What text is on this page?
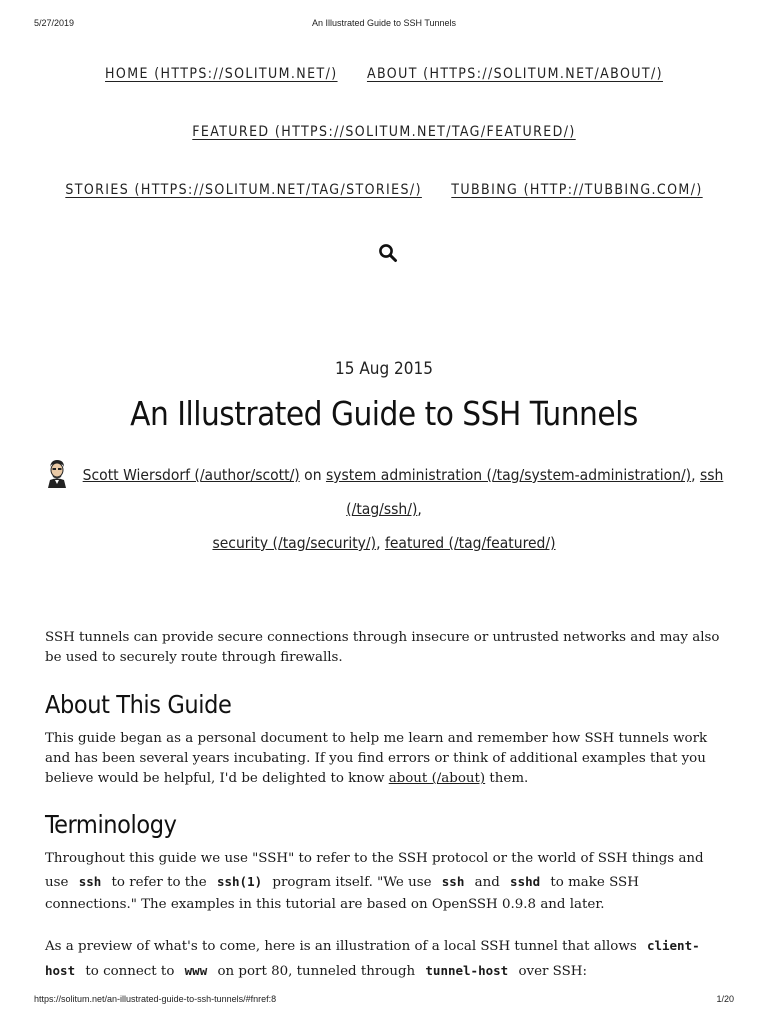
5/27/2019	An Illustrated Guide to SSH Tunnels
HOME (HTTPS://SOLITUM.NET/) ABOUT (HTTPS://SOLITUM.NET/ABOUT/)
FEATURED (HTTPS://SOLITUM.NET/TAG/FEATURED/)
STORIES (HTTPS://SOLITUM.NET/TAG/STORIES/) TUBBING (HTTP://TUBBING.COM/)
15 Aug 2015
An Illustrated Guide to SSH Tunnels
Scott Wiersdorf (/author/scott/) on system administration (/tag/system-administration/), ssh (/tag/ssh/),
security (/tag/security/), featured (/tag/featured/)

SSH tunnels can provide secure connections through insecure or untrusted networks and may also be used to securely route through firewalls.

About This Guide

This guide began as a personal document to help me learn and remember how SSH tunnels work and has been several years incubating. If you find errors or think of additional examples that you believe would be helpful, I'd be delighted to know about (/about) them.

Terminology

Throughout this guide we use "SSH" to refer to the SSH protocol or the world of SSH things and use ssh to refer to the ssh(1) program itself. "We use ssh and sshd to make SSH connections." The examples in this tutorial are based on OpenSSH 0.9.8 and later.

As a preview of what's to come, here is an illustration of a local SSH tunnel that allows client-host to connect to www on port 80, tunneled through tunnel-host over SSH:

https://solitum.net/an-illustrated-guide-to-ssh-tunnels/#fnref:8	1/20
